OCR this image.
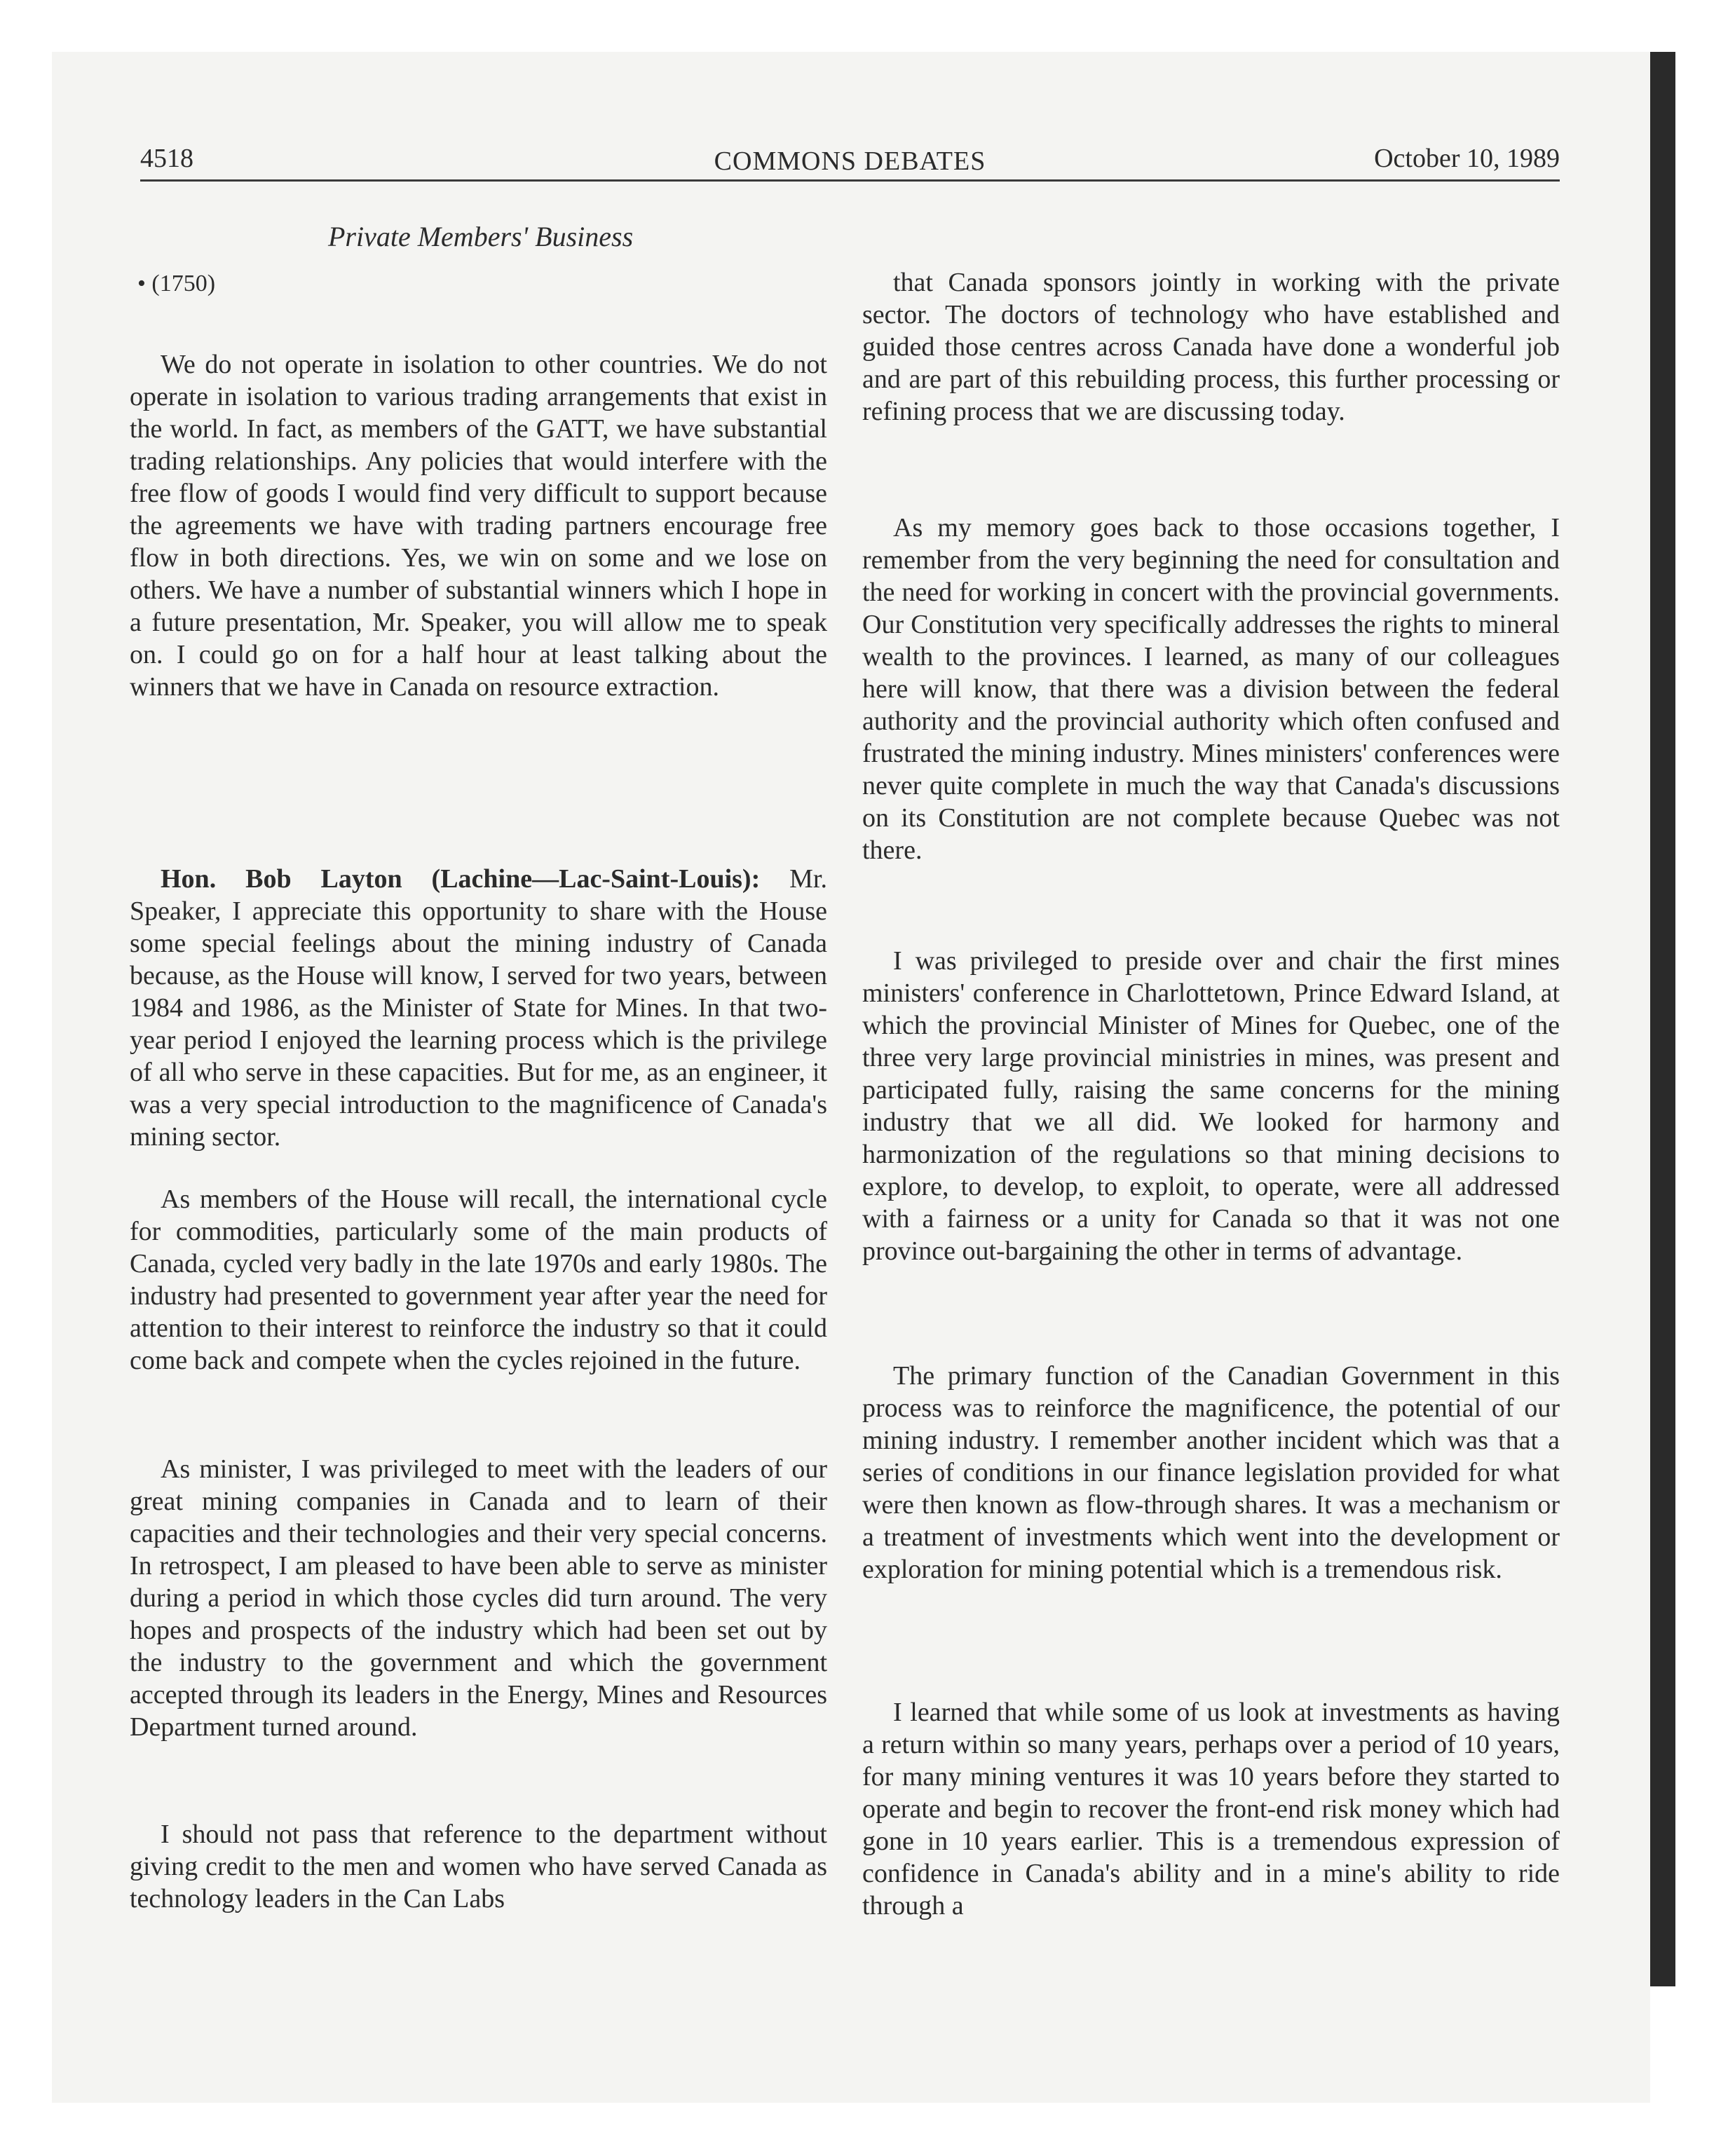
4518	COMMONS DEBATES	October 10, 1989
Private Members' Business
• (1750)

We do not operate in isolation to other countries. We do not operate in isolation to various trading arrangements that exist in the world. In fact, as members of the GATT, we have substantial trading relationships. Any policies that would interfere with the free flow of goods I would find very difficult to support because the agreements we have with trading partners encourage free flow in both directions. Yes, we win on some and we lose on others. We have a number of substantial winners which I hope in a future presentation, Mr. Speaker, you will allow me to speak on. I could go on for a half hour at least talking about the winners that we have in Canada on resource extraction.

Hon. Bob Layton (Lachine—Lac-Saint-Louis): Mr. Speaker, I appreciate this opportunity to share with the House some special feelings about the mining industry of Canada because, as the House will know, I served for two years, between 1984 and 1986, as the Minister of State for Mines. In that two-year period I enjoyed the learning process which is the privilege of all who serve in these capacities. But for me, as an engineer, it was a very special introduction to the magnificence of Canada's mining sector.

As members of the House will recall, the international cycle for commodities, particularly some of the main products of Canada, cycled very badly in the late 1970s and early 1980s. The industry had presented to government year after year the need for attention to their interest to reinforce the industry so that it could come back and compete when the cycles rejoined in the future.

As minister, I was privileged to meet with the leaders of our great mining companies in Canada and to learn of their capacities and their technologies and their very special concerns. In retrospect, I am pleased to have been able to serve as minister during a period in which those cycles did turn around. The very hopes and prospects of the industry which had been set out by the industry to the government and which the government accepted through its leaders in the Energy, Mines and Resources Department turned around.

I should not pass that reference to the department without giving credit to the men and women who have served Canada as technology leaders in the Can Labs

that Canada sponsors jointly in working with the private sector. The doctors of technology who have established and guided those centres across Canada have done a wonderful job and are part of this rebuilding process, this further processing or refining process that we are discussing today.

As my memory goes back to those occasions together, I remember from the very beginning the need for consultation and the need for working in concert with the provincial governments. Our Constitution very specifically addresses the rights to mineral wealth to the provinces. I learned, as many of our colleagues here will know, that there was a division between the federal authority and the provincial authority which often confused and frustrated the mining industry. Mines ministers' conferences were never quite complete in much the way that Canada's discussions on its Constitution are not complete because Quebec was not there.

I was privileged to preside over and chair the first mines ministers' conference in Charlottetown, Prince Edward Island, at which the provincial Minister of Mines for Quebec, one of the three very large provincial ministries in mines, was present and participated fully, raising the same concerns for the mining industry that we all did. We looked for harmony and harmonization of the regulations so that mining decisions to explore, to develop, to exploit, to operate, were all addressed with a fairness or a unity for Canada so that it was not one province out-bargaining the other in terms of advantage.

The primary function of the Canadian Government in this process was to reinforce the magnificence, the potential of our mining industry. I remember another incident which was that a series of conditions in our finance legislation provided for what were then known as flow-through shares. It was a mechanism or a treatment of investments which went into the development or exploration for mining potential which is a tremendous risk.

I learned that while some of us look at investments as having a return within so many years, perhaps over a period of 10 years, for many mining ventures it was 10 years before they started to operate and begin to recover the front-end risk money which had gone in 10 years earlier. This is a tremendous expression of confidence in Canada's ability and in a mine's ability to ride through a
